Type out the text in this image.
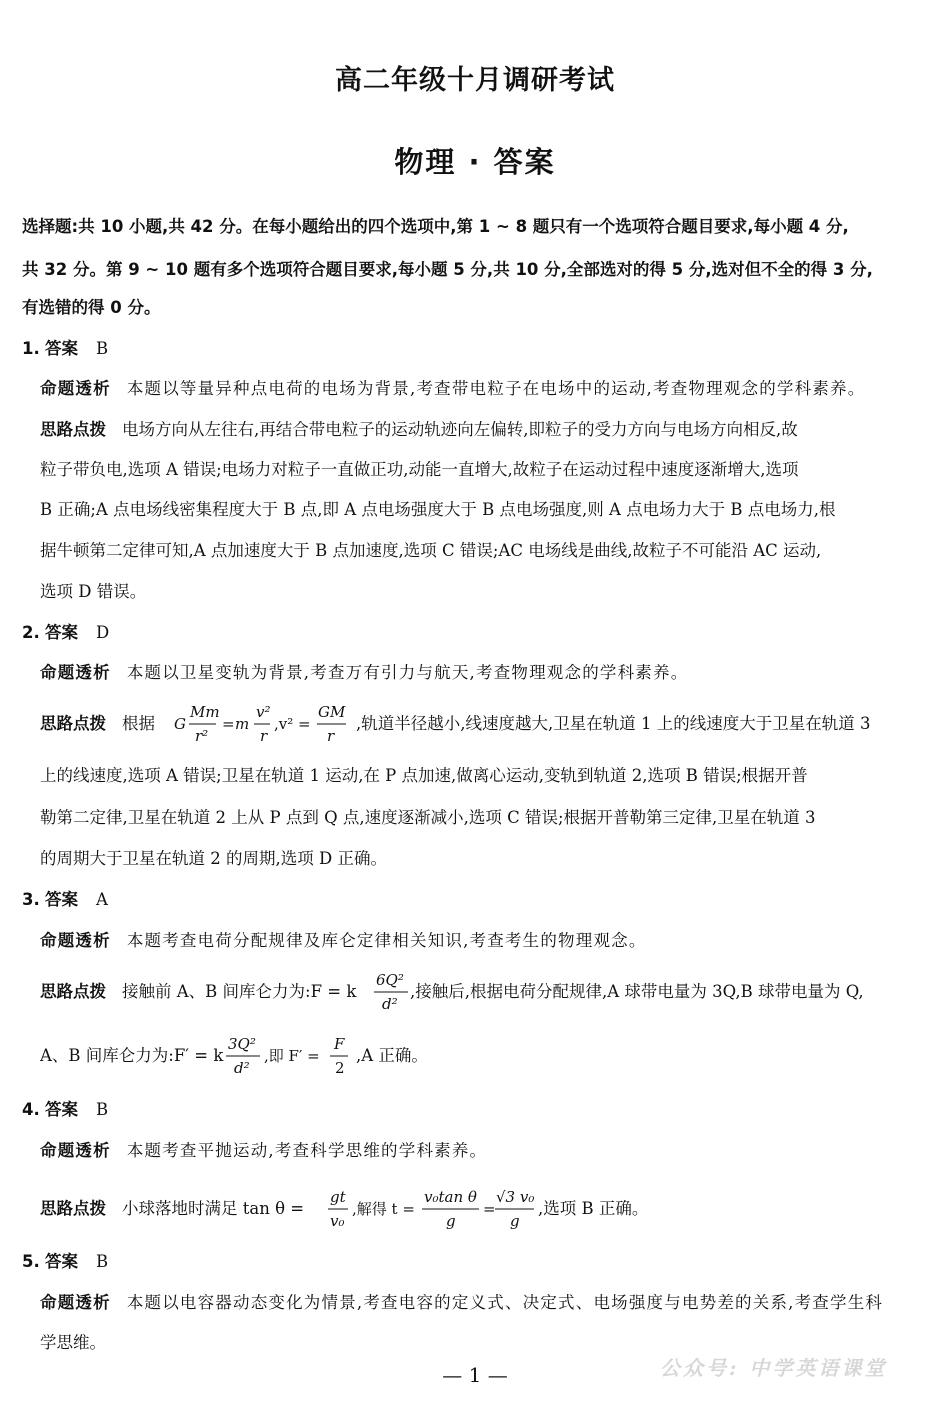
高二年级十月调研考试
物理 · 答案
选择题:共 10 小题,共 42 分。在每小题给出的四个选项中,第 1 ~ 8 题只有一个选项符合题目要求,每小题 4 分,
共 32 分。第 9 ~ 10 题有多个选项符合题目要求,每小题 5 分,共 10 分,全部选对的得 5 分,选对但不全的得 3 分,
有选错的得 0 分。
1. 答案 B
命题透析 本题以等量异种点电荷的电场为背景,考查带电粒子在电场中的运动,考查物理观念的学科素养。
思路点拨 电场方向从左往右,再结合带电粒子的运动轨迹向左偏转,即粒子的受力方向与电场方向相反,故
粒子带负电,选项 A 错误;电场力对粒子一直做正功,动能一直增大,故粒子在运动过程中速度逐渐增大,选项
B 正确;A 点电场线密集程度大于 B 点,即 A 点电场强度大于 B 点电场强度,则 A 点电场力大于 B 点电场力,根
据牛顿第二定律可知,A 点加速度大于 B 点加速度,选项 C 错误;AC 电场线是曲线,故粒子不可能沿 AC 运动,
选项 D 错误。
2. 答案 D
命题透析 本题以卫星变轨为背景,考查万有引力与航天,考查物理观念的学科素养。
思路点拨 根据	G
Mm
r²
= m
v²
r
,v² =
GM
r
,轨道半径越小,线速度越大,卫星在轨道 1 上的线速度大于卫星在轨道 3
上的线速度,选项 A 错误;卫星在轨道 1 运动,在 P 点加速,做离心运动,变轨到轨道 2,选项 B 错误;根据开普
勒第二定律,卫星在轨道 2 上从 P 点到 Q 点,速度逐渐减小,选项 C 错误;根据开普勒第三定律,卫星在轨道 3
的周期大于卫星在轨道 2 的周期,选项 D 正确。
3. 答案 A
命题透析 本题考查电荷分配规律及库仑定律相关知识,考查考生的物理观念。
思路点拨 接触前 A、B 间库仑力为:F = k
6Q²
d²
,接触后,根据电荷分配规律,A 球带电量为 3Q,B 球带电量为 Q,
A、B 间库仑力为:F′ = k
3Q²
d²
,即 F′ =
F
2
,A 正确。
4. 答案 B
命题透析 本题考查平抛运动,考查科学思维的学科素养。
思路点拨 小球落地时满足 tan θ =
gt
v₀
,解得 t =
v₀tan θ
g
=
√3 v₀
g
,选项 B 正确。
5. 答案 B
命题透析 本题以电容器动态变化为情景,考查电容的定义式、决定式、电场强度与电势差的关系,考查学生科
学思维。
— 1 —	公众号: 中学英语课堂
